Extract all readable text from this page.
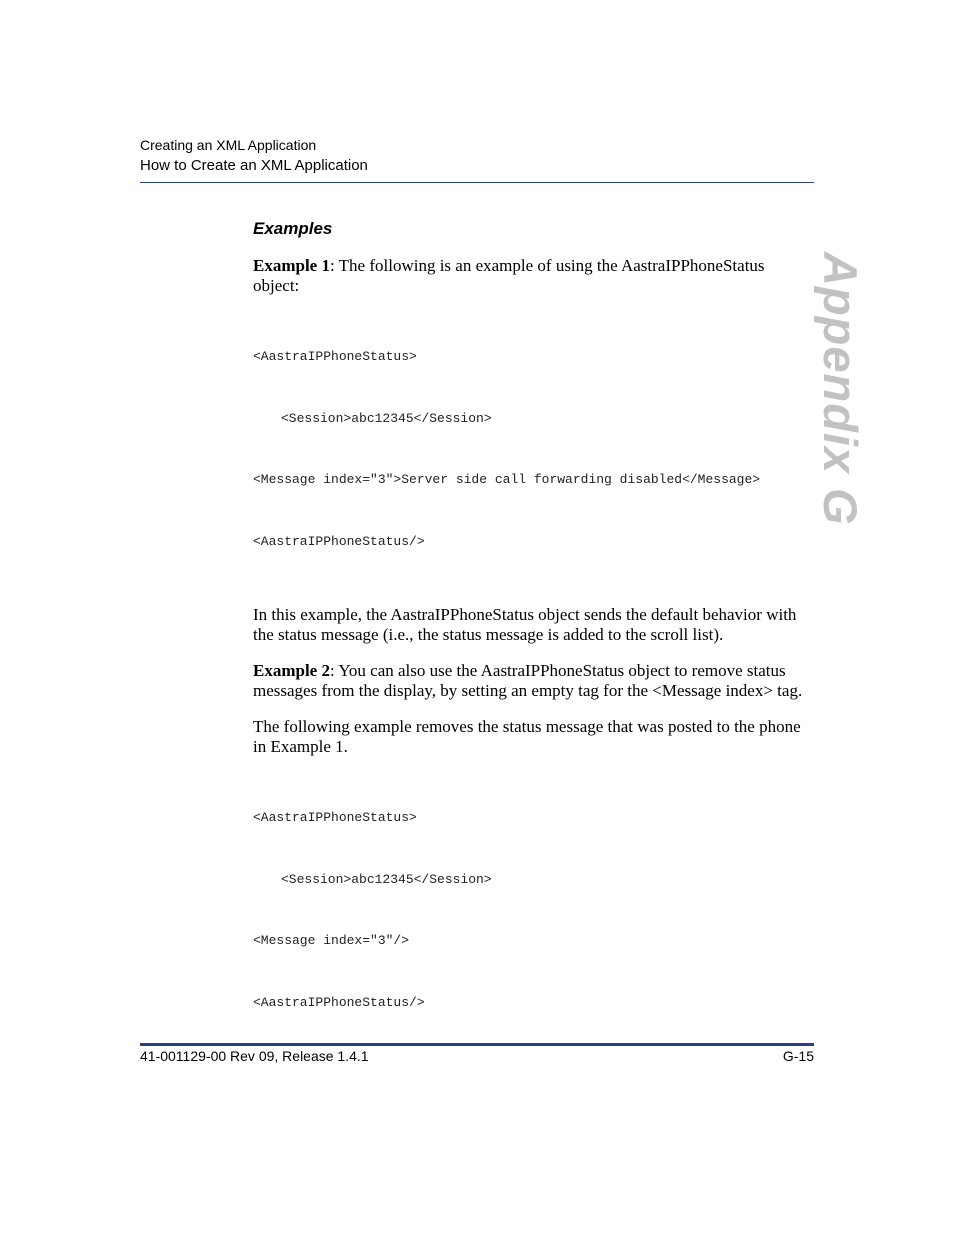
Creating an XML Application
How to Create an XML Application
Appendix G
Examples

Example 1: The following is an example of using the AastraIPPhoneStatus object:

<AastraIPPhoneStatus>

<Session>abc12345</Session>

<Message index="3">Server side call forwarding disabled</Message>

<AastraIPPhoneStatus/>

In this example, the AastraIPPhoneStatus object sends the default behavior with the status message (i.e., the status message is added to the scroll list).

Example 2: You can also use the AastraIPPhoneStatus object to remove status messages from the display, by setting an empty tag for the <Message index> tag.

The following example removes the status message that was posted to the phone in Example 1.

<AastraIPPhoneStatus>

<Session>abc12345</Session>

<Message index="3"/>

<AastraIPPhoneStatus/>

41-001129-00 Rev 09, Release 1.4.1	G-15
